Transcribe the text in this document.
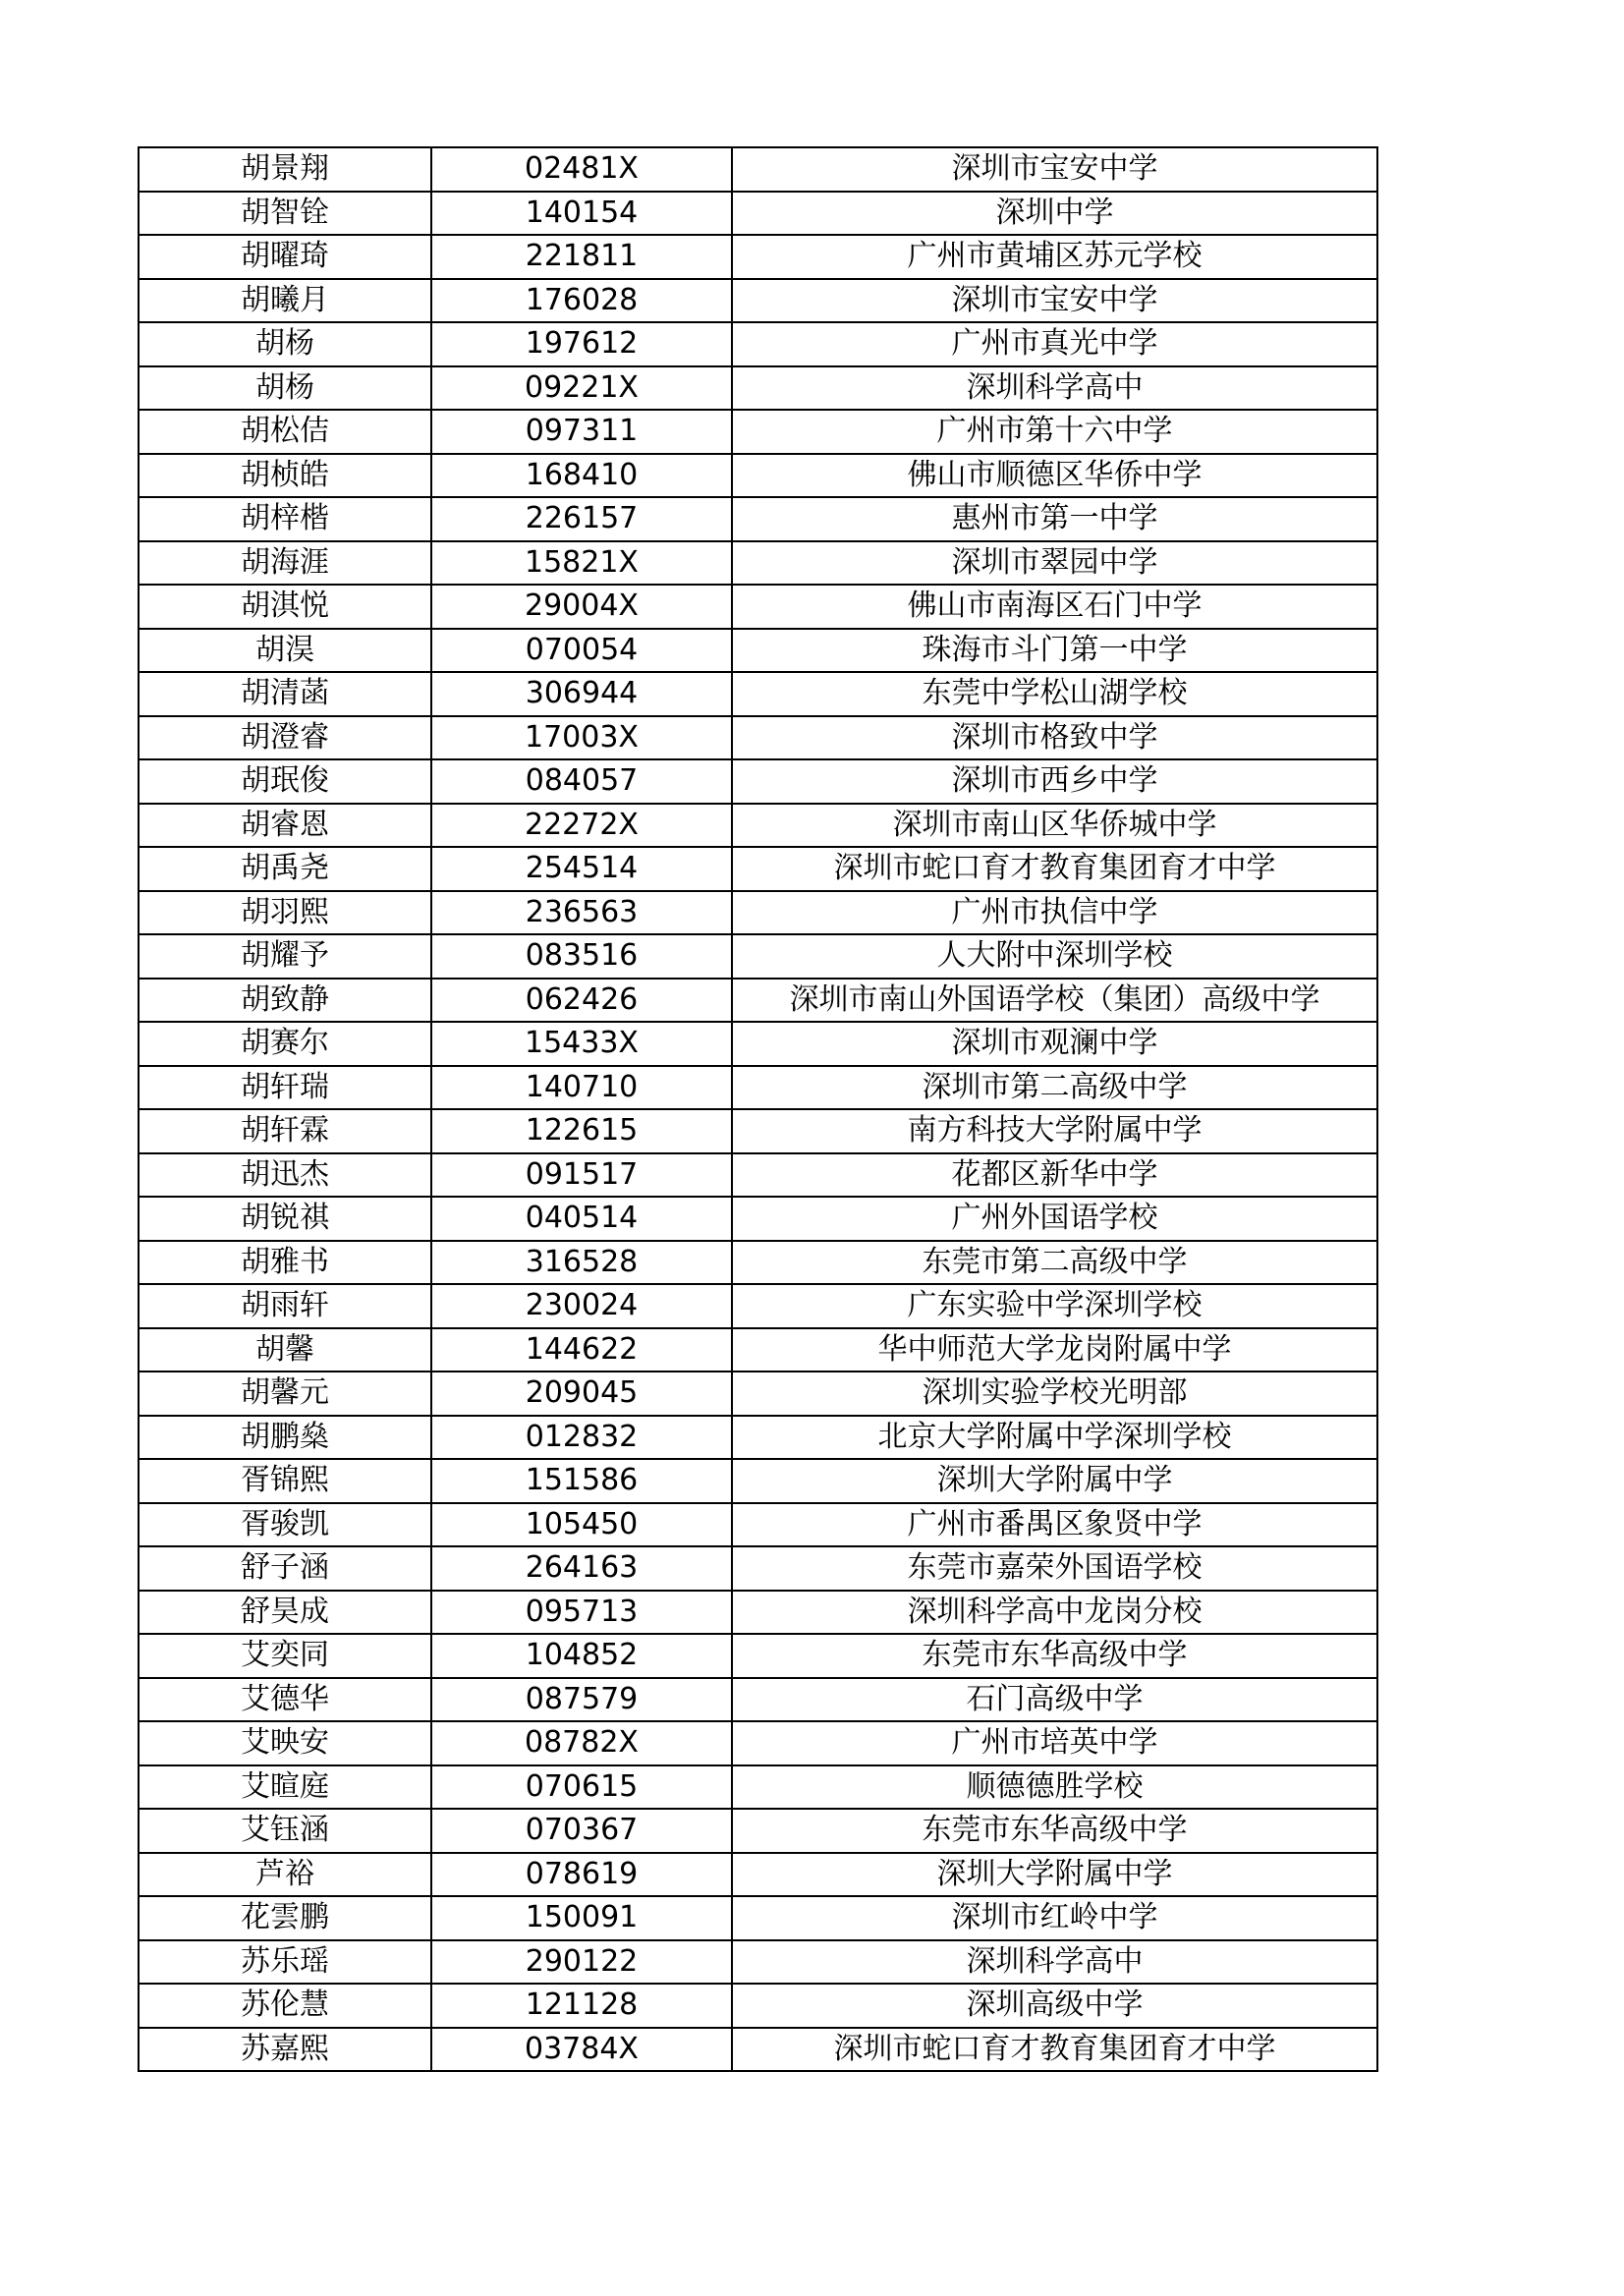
胡景翔	02481X	深圳市宝安中学
胡智铨	140154	深圳中学
胡曜琦	221811	广州市黄埔区苏元学校
胡曦月	176028	深圳市宝安中学
胡杨	197612	广州市真光中学
胡杨	09221X	深圳科学高中
胡松佶	097311	广州市第十六中学
胡桢皓	168410	佛山市顺德区华侨中学
胡梓楷	226157	惠州市第一中学
胡海涯	15821X	深圳市翠园中学
胡淇悦	29004X	佛山市南海区石门中学
胡淏	070054	珠海市斗门第一中学
胡清菡	306944	东莞中学松山湖学校
胡澄睿	17003X	深圳市格致中学
胡珉俊	084057	深圳市西乡中学
胡睿恩	22272X	深圳市南山区华侨城中学
胡禹尧	254514	深圳市蛇口育才教育集团育才中学
胡羽熙	236563	广州市执信中学
胡耀予	083516	人大附中深圳学校
胡致静	062426	深圳市南山外国语学校（集团）高级中学
胡赛尔	15433X	深圳市观澜中学
胡轩瑞	140710	深圳市第二高级中学
胡轩霖	122615	南方科技大学附属中学
胡迅杰	091517	花都区新华中学
胡锐祺	040514	广州外国语学校
胡雅书	316528	东莞市第二高级中学
胡雨轩	230024	广东实验中学深圳学校
胡馨	144622	华中师范大学龙岗附属中学
胡馨元	209045	深圳实验学校光明部
胡鹏燊	012832	北京大学附属中学深圳学校
胥锦熙	151586	深圳大学附属中学
胥骏凯	105450	广州市番禺区象贤中学
舒子涵	264163	东莞市嘉荣外国语学校
舒昊成	095713	深圳科学高中龙岗分校
艾奕同	104852	东莞市东华高级中学
艾德华	087579	石门高级中学
艾映安	08782X	广州市培英中学
艾暄庭	070615	顺德德胜学校
艾钰涵	070367	东莞市东华高级中学
芦裕	078619	深圳大学附属中学
花雲鹏	150091	深圳市红岭中学
苏乐瑶	290122	深圳科学高中
苏伦慧	121128	深圳高级中学
苏嘉熙	03784X	深圳市蛇口育才教育集团育才中学
